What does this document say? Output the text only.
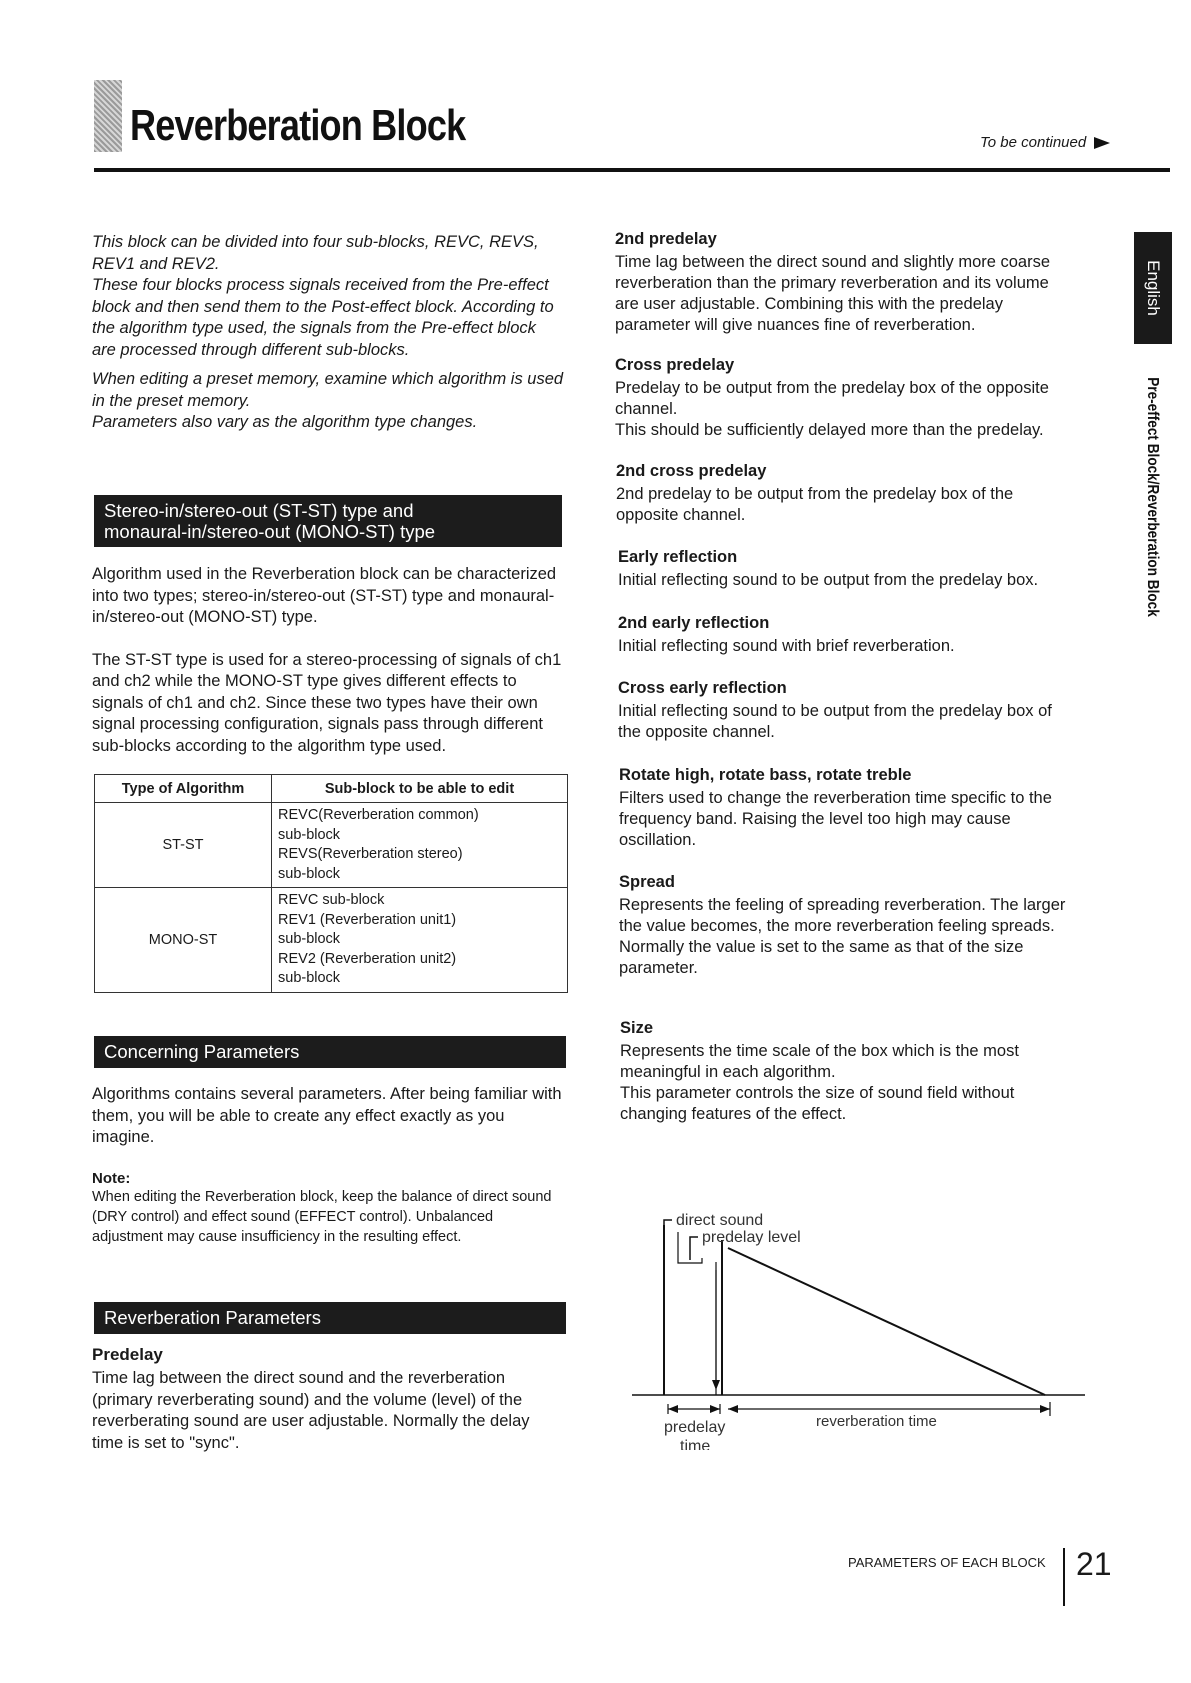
Reverberation Block	To be continued
English
Pre-effect Block/Reverberation Block

This block can be divided into four sub-blocks, REVC, REVS, REV1 and REV2.

These four blocks process signals received from the Pre-effect block and then send them to the Post-effect block. According to the algorithm type used, the signals from the Pre-effect block are processed through different sub-blocks.

When editing a preset memory, examine which algorithm is used in the preset memory.

Parameters also vary as the algorithm type changes.

Stereo-in/stereo-out (ST-ST) type and
monaural-in/stereo-out (MONO-ST) type

Algorithm used in the Reverberation block can be characterized into two types; stereo-in/stereo-out (ST-ST) type and monaural-in/stereo-out (MONO-ST) type.

The ST-ST type is used for a stereo-processing of signals of ch1 and ch2 while the MONO-ST type gives different effects to signals of ch1 and ch2. Since these two types have their own signal processing configuration, signals pass through different sub-blocks according to the algorithm type used.

Type of Algorithm	Sub-block to be able to edit
ST-ST	REVC(Reverberation common)
sub-block
REVS(Reverberation stereo)
sub-block

MONO-ST	REVC sub-block
REV1 (Reverberation unit1)
sub-block
REV2 (Reverberation unit2)
sub-block
Concerning Parameters

Algorithms contains several parameters. After being familiar with them, you will be able to create any effect exactly as you imagine.

Note:

When editing the Reverberation block, keep the balance of direct sound (DRY control) and effect sound (EFFECT control). Unbalanced adjustment may cause insufficiency in the resulting effect.

Reverberation Parameters

Predelay

Time lag between the direct sound and the reverberation (primary reverberating sound) and the volume (level) of the reverberating sound are user adjustable. Normally the delay time is set to "sync".

2nd predelay

Time lag between the direct sound and slightly more coarse reverberation than the primary reverberation and its volume are user adjustable. Combining this with the predelay parameter will give nuances fine of reverberation.

Cross predelay

Predelay to be output from the predelay box of the opposite channel.

This should be sufficiently delayed more than the predelay.

2nd cross predelay

2nd predelay to be output from the predelay box of the opposite channel.

Early reflection

Initial reflecting sound to be output from the predelay box.

2nd early reflection

Initial reflecting sound with brief reverberation.

Cross early reflection

Initial reflecting sound to be output from the predelay box of the opposite channel.

Rotate high, rotate bass, rotate treble

Filters used to change the reverberation time specific to the frequency band. Raising the level too high may cause oscillation.

Spread

Represents the feeling of spreading reverberation. The larger the value becomes, the more reverberation feeling spreads.

Normally the value is set to the same as that of the size parameter.

Size

Represents the time scale of the box which is the most meaningful in each algorithm.

This parameter controls the size of sound field without changing features of the effect.

direct sound
predelay level
predelay
time
reverberation time
PARAMETERS OF EACH BLOCK 21
